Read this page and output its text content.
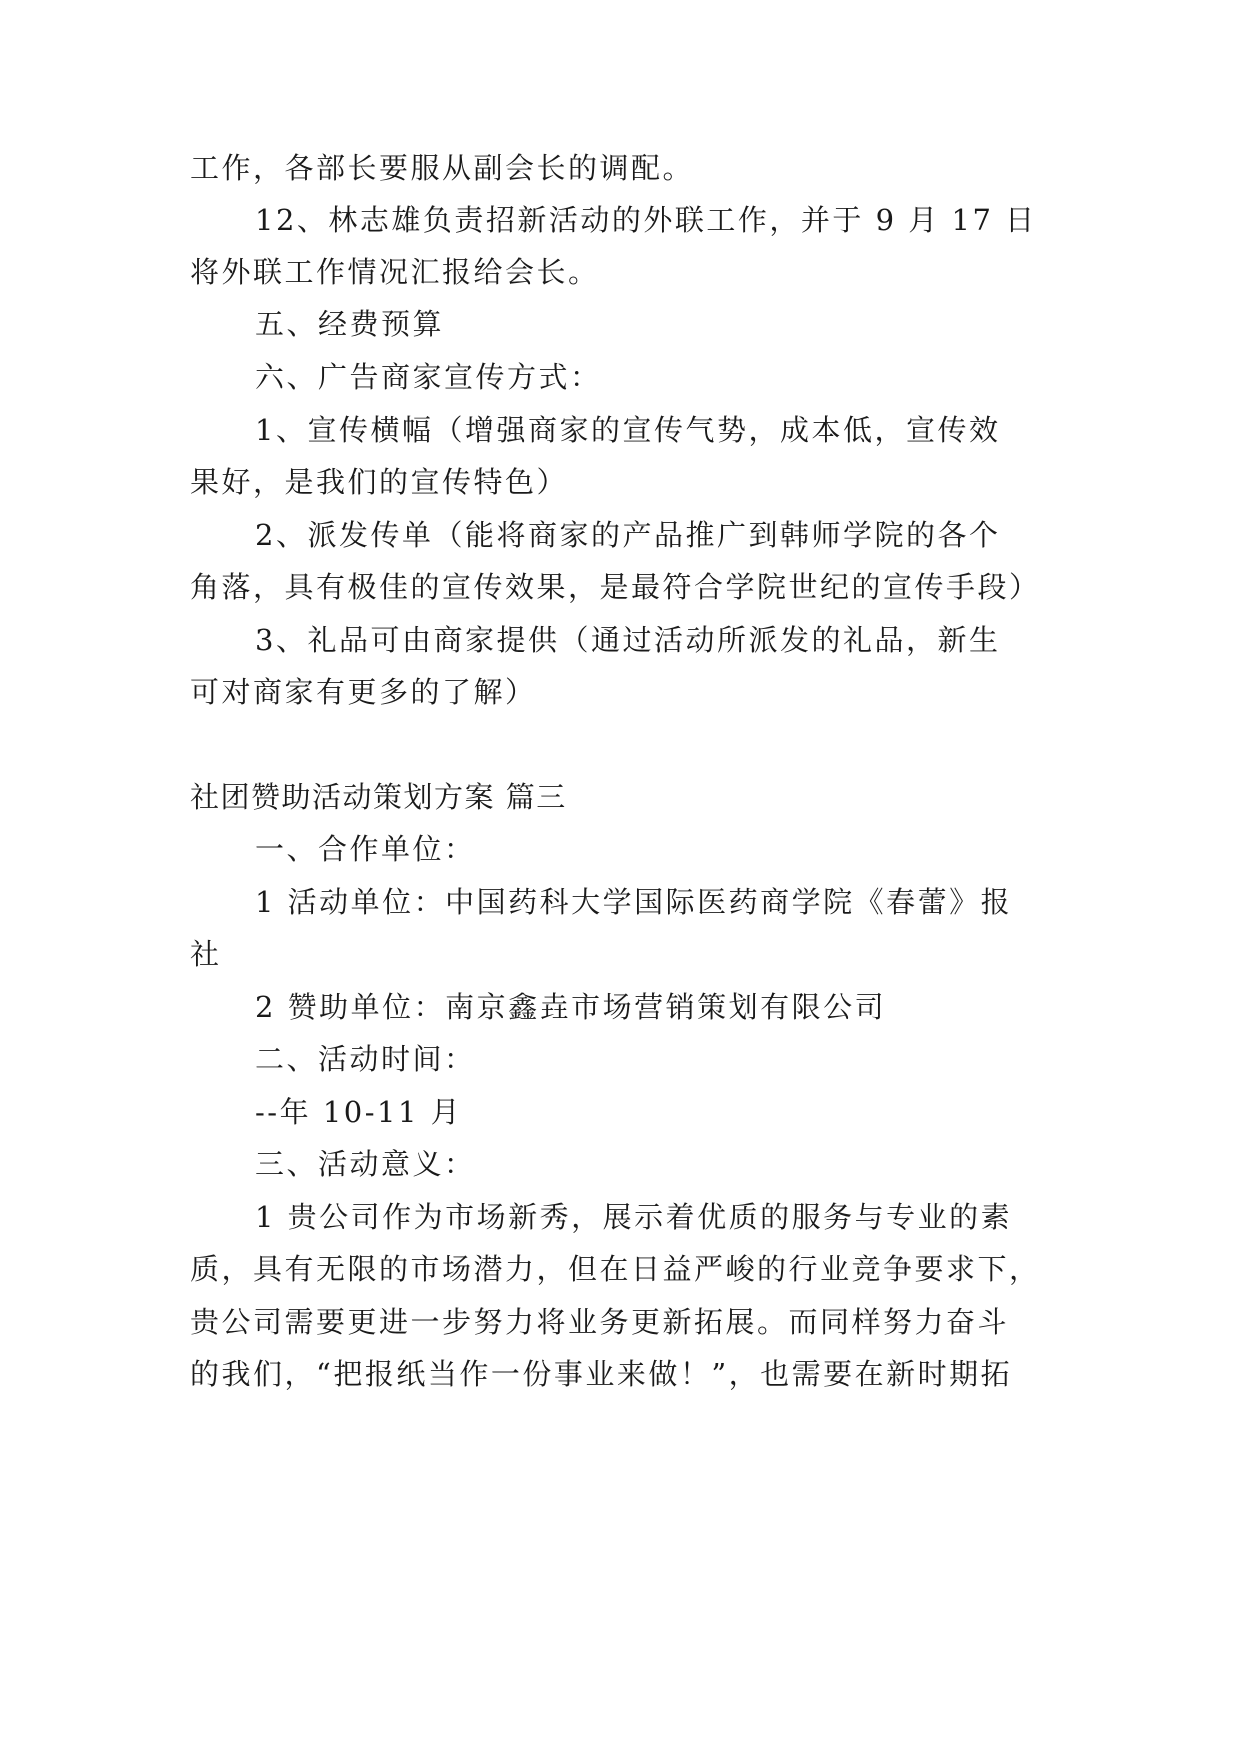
工作，各部长要服从副会长的调配。

12、林志雄负责招新活动的外联工作，并于 9 月 17 日

将外联工作情况汇报给会长。

五、经费预算

六、广告商家宣传方式：

1、宣传横幅（增强商家的宣传气势，成本低，宣传效

果好，是我们的宣传特色）

2、派发传单（能将商家的产品推广到韩师学院的各个

角落，具有极佳的宣传效果，是最符合学院世纪的宣传手段）

3、礼品可由商家提供（通过活动所派发的礼品，新生

可对商家有更多的了解）

社团赞助活动策划方案 篇三

一、合作单位：

1 活动单位：中国药科大学国际医药商学院《春蕾》报

社

2 赞助单位：南京鑫垚市场营销策划有限公司

二、活动时间：

--年 10-11 月

三、活动意义：

1 贵公司作为市场新秀，展示着优质的服务与专业的素

质，具有无限的市场潜力，但在日益严峻的行业竞争要求下，

贵公司需要更进一步努力将业务更新拓展。而同样努力奋斗

的我们，“把报纸当作一份事业来做！”，也需要在新时期拓
